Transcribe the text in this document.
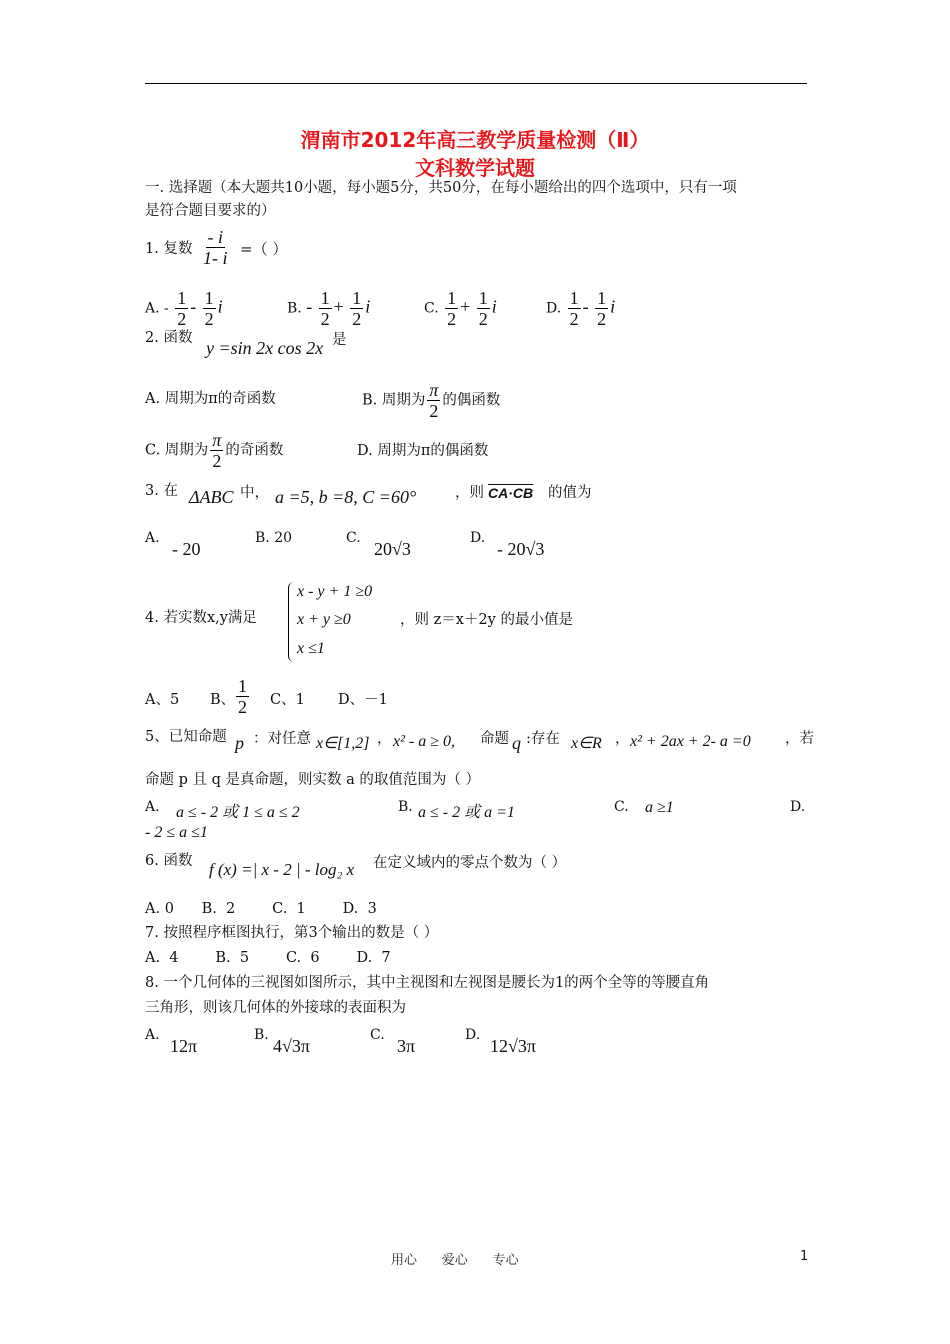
渭南市2012年高三教学质量检测（Ⅱ）
文科数学试题
一. 选择题（本大题共10小题，每小题5分，共50分，在每小题给出的四个选项中，只有一项
是符合题目要求的）
1. 复数 $\frac{- i}{1- i}$ =（ ）
A. - $\frac{1}{2} - \frac{1}{2}$ i	B. - $\frac{1}{2} + \frac{1}{2}$ i	C. $\frac{1}{2} + \frac{1}{2}$ i	D. $\frac{1}{2} - \frac{1}{2}$ i
2. 函数 y =sin 2x cos 2x 是
A. 周期为π的奇函数	B. 周期为 $\frac{\pi}{2}$ 的偶函数
C. 周期为 $\frac{\pi}{2}$ 的奇函数	D. 周期为π的偶函数
3. 在 ΔABC 中， a =5, b =8, C =60°	，则 CA·CB 的值为
A.
- 20
B. 20	C.
20√3
D.
- 20√3
4. 若实数x,y满足
x - y + 1 ≥0
x + y ≥0
x ≤1
，则 z＝x＋2y 的最小值是
A、5 B、 $\frac{1}{2}$ C、1 D、－1
5、已知命题 p ：对任意 x∈[1,2] ， x² - a ≥ 0, 命题 q :存在 x∈R ， x² + 2ax + 2- a =0 ，若
命题 p 且 q 是真命题，则实数 a 的取值范围为（ ）
A. a ≤ - 2 或 1 ≤ a ≤ 2	B. a ≤ - 2 或 a =1	C. a ≥1	D.
- 2 ≤ a ≤1
6. 函数 f (x) =| x - 2 | - log₂ x 在定义域内的零点个数为（ ）
A. 0      B.  2        C.  1        D.  3
7. 按照程序框图执行，第3个输出的数是（ ）
A.  4        B.  5        C.  6        D.  7
8. 一个几何体的三视图如图所示，其中主视图和左视图是腰长为1的两个全等的等腰直角
三角形，则该几何体的外接球的表面积为
A.
12π
B.
4√3π
C.
3π
D.
12√3π
用心      爱心      专心	1
